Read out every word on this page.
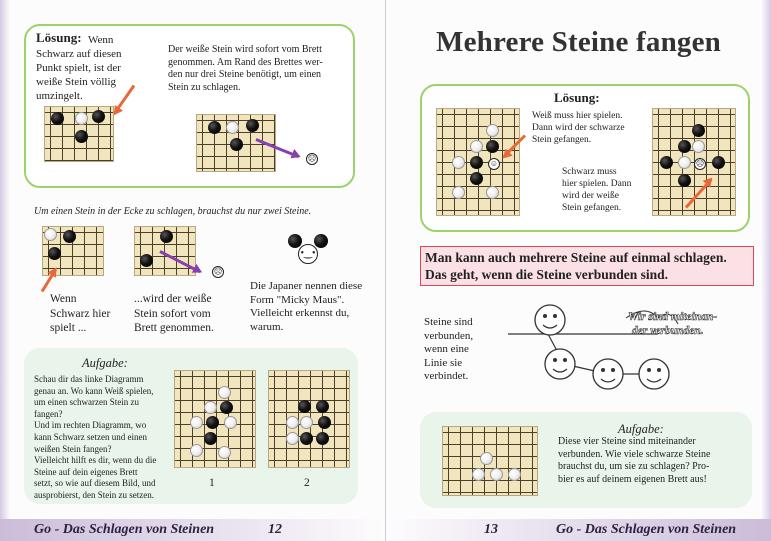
Lösung: Wenn
Schwarz auf diesen
Punkt spielt, ist der
weiße Stein völlig
umzingelt.
Der weiße Stein wird sofort vom Brett
genommen. Am Rand des Brettes wer-
den nur drei Steine benötigt, um einen
Stein zu schlagen.
☹
Um einen Stein in der Ecke zu schlagen, brauchst du nur zwei Steine.
☹
•‿•
Wenn
Schwarz hier
spielt ...
...wird der weiße
Stein sofort vom
Brett genommen.
Die Japaner nennen diese
Form "Micky Maus".
Vielleicht erkennst du,
warum.
Aufgabe:
Schau dir das linke Diagramm
genau an. Wo kann Weiß spielen,
um einen schwarzen Stein zu
fangen?
Und im rechten Diagramm, wo
kann Schwarz setzen und einen
weißen Stein fangen?
Vielleicht hilft es dir, wenn du die
Steine auf dein eigenes Brett
setzt, so wie auf diesem Bild, und
ausprobierst, den Stein zu setzen.
1	2
Go - Das Schlagen von Steinen	12
Mehrere Steine fangen
Lösung:
☺
Weiß muss hier spielen.
Dann wird der schwarze
Stein gefangen.
Schwarz muss
hier spielen. Dann
wird der weiße
Stein gefangen.
☹
Man kann auch mehrere Steine auf einmal schlagen.
Das geht, wenn die Steine verbunden sind.
Steine sind
verbunden,
wenn eine
Linie sie
verbindet.
Wir sind miteinan-
der verbunden.
Aufgabe:
Diese vier Steine sind miteinander
verbunden. Wie viele schwarze Steine
brauchst du, um sie zu schlagen? Pro-
bier es auf deinem eigenen Brett aus!
13	Go - Das Schlagen von Steinen
